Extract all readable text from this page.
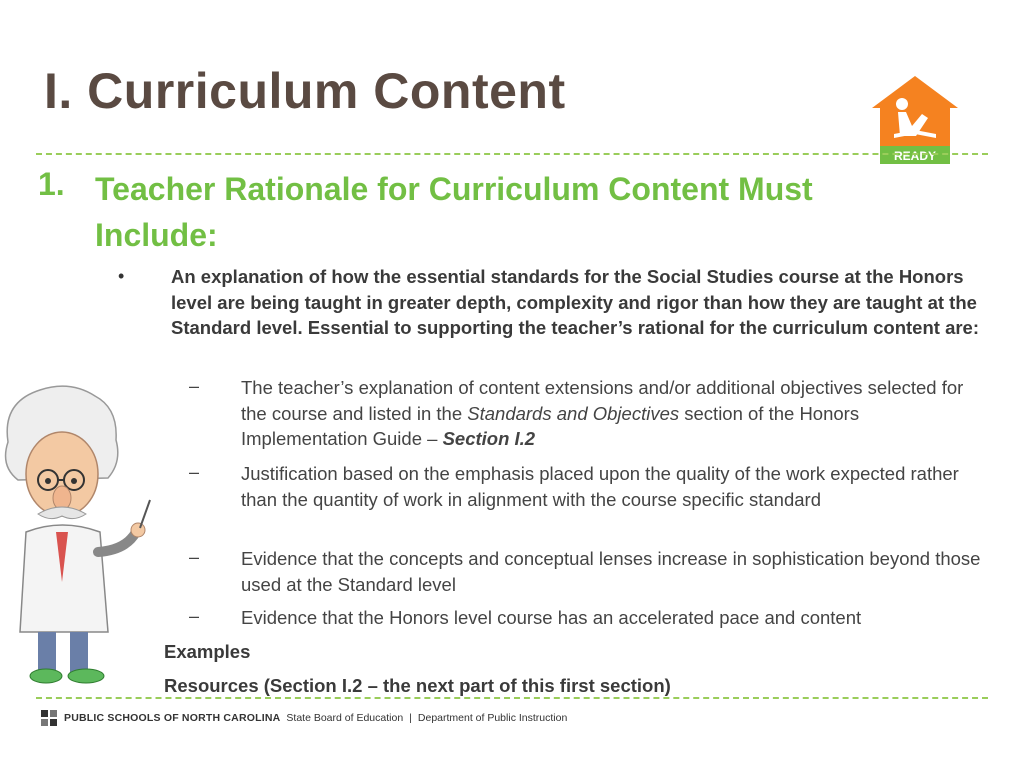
I. Curriculum Content
READY
1. Teacher Rationale for Curriculum Content Must Include:
•	An explanation of how the essential standards for the Social Studies course at the Honors level are being taught in greater depth, complexity and rigor than how they are taught at the Standard level. Essential to supporting the teacher’s rational for the curriculum content are:
– The teacher’s explanation of content extensions and/or additional objectives selected for the course and listed in the Standards and Objectives section of the Honors Implementation Guide – Section I.2
– Justification based on the emphasis placed upon the quality of the work expected rather than the quantity of work in alignment with the course specific standard
– Evidence that the concepts and conceptual lenses increase in sophistication beyond those used at the Standard level
– Evidence that the Honors level course has an accelerated pace and content
Examples
Resources (Section I.2 – the next part of this first section)
PUBLIC SCHOOLS OF NORTH CAROLINA State Board of Education | Department of Public Instruction
